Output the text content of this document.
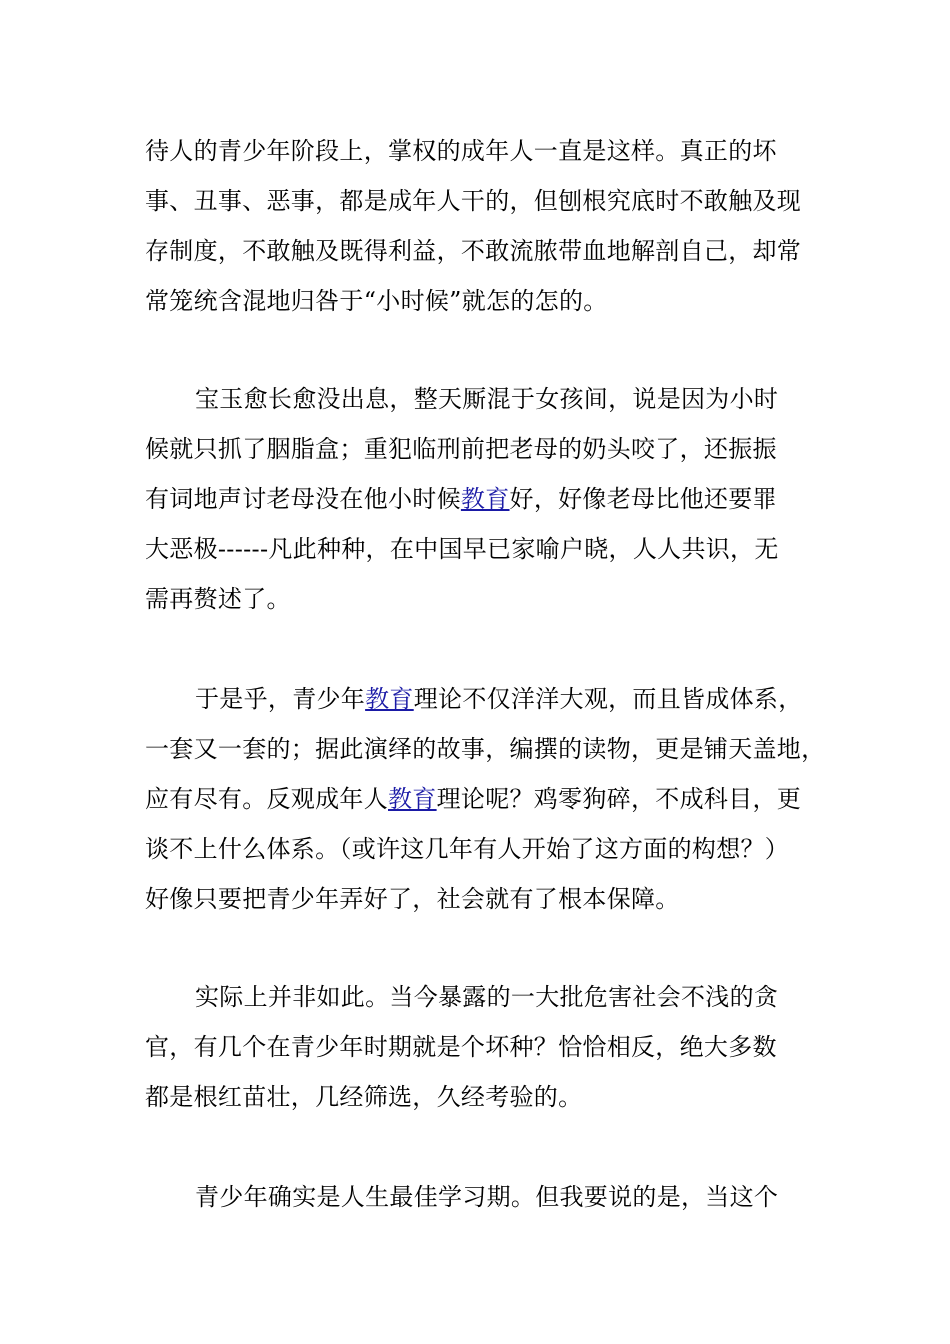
待人的青少年阶段上，掌权的成年人一直是这样。真正的坏
事、丑事、恶事，都是成年人干的，但刨根究底时不敢触及现
存制度，不敢触及既得利益，不敢流脓带血地解剖自己，却常
常笼统含混地归咎于“小时候”就怎的怎的。

宝玉愈长愈没出息，整天厮混于女孩间，说是因为小时
候就只抓了胭脂盒；重犯临刑前把老母的奶头咬了，还振振
有词地声讨老母没在他小时候教育好，好像老母比他还要罪
大恶极------凡此种种，在中国早已家喻户晓，人人共识，无
需再赘述了。

于是乎，青少年教育理论不仅洋洋大观，而且皆成体系，
一套又一套的；据此演绎的故事，编撰的读物，更是铺天盖地，
应有尽有。反观成年人教育理论呢？鸡零狗碎，不成科目，更
谈不上什么体系。（或许这几年有人开始了这方面的构想？）
好像只要把青少年弄好了，社会就有了根本保障。

实际上并非如此。当今暴露的一大批危害社会不浅的贪
官，有几个在青少年时期就是个坏种？恰恰相反，绝大多数
都是根红苗壮，几经筛选，久经考验的。

青少年确实是人生最佳学习期。但我要说的是，当这个
